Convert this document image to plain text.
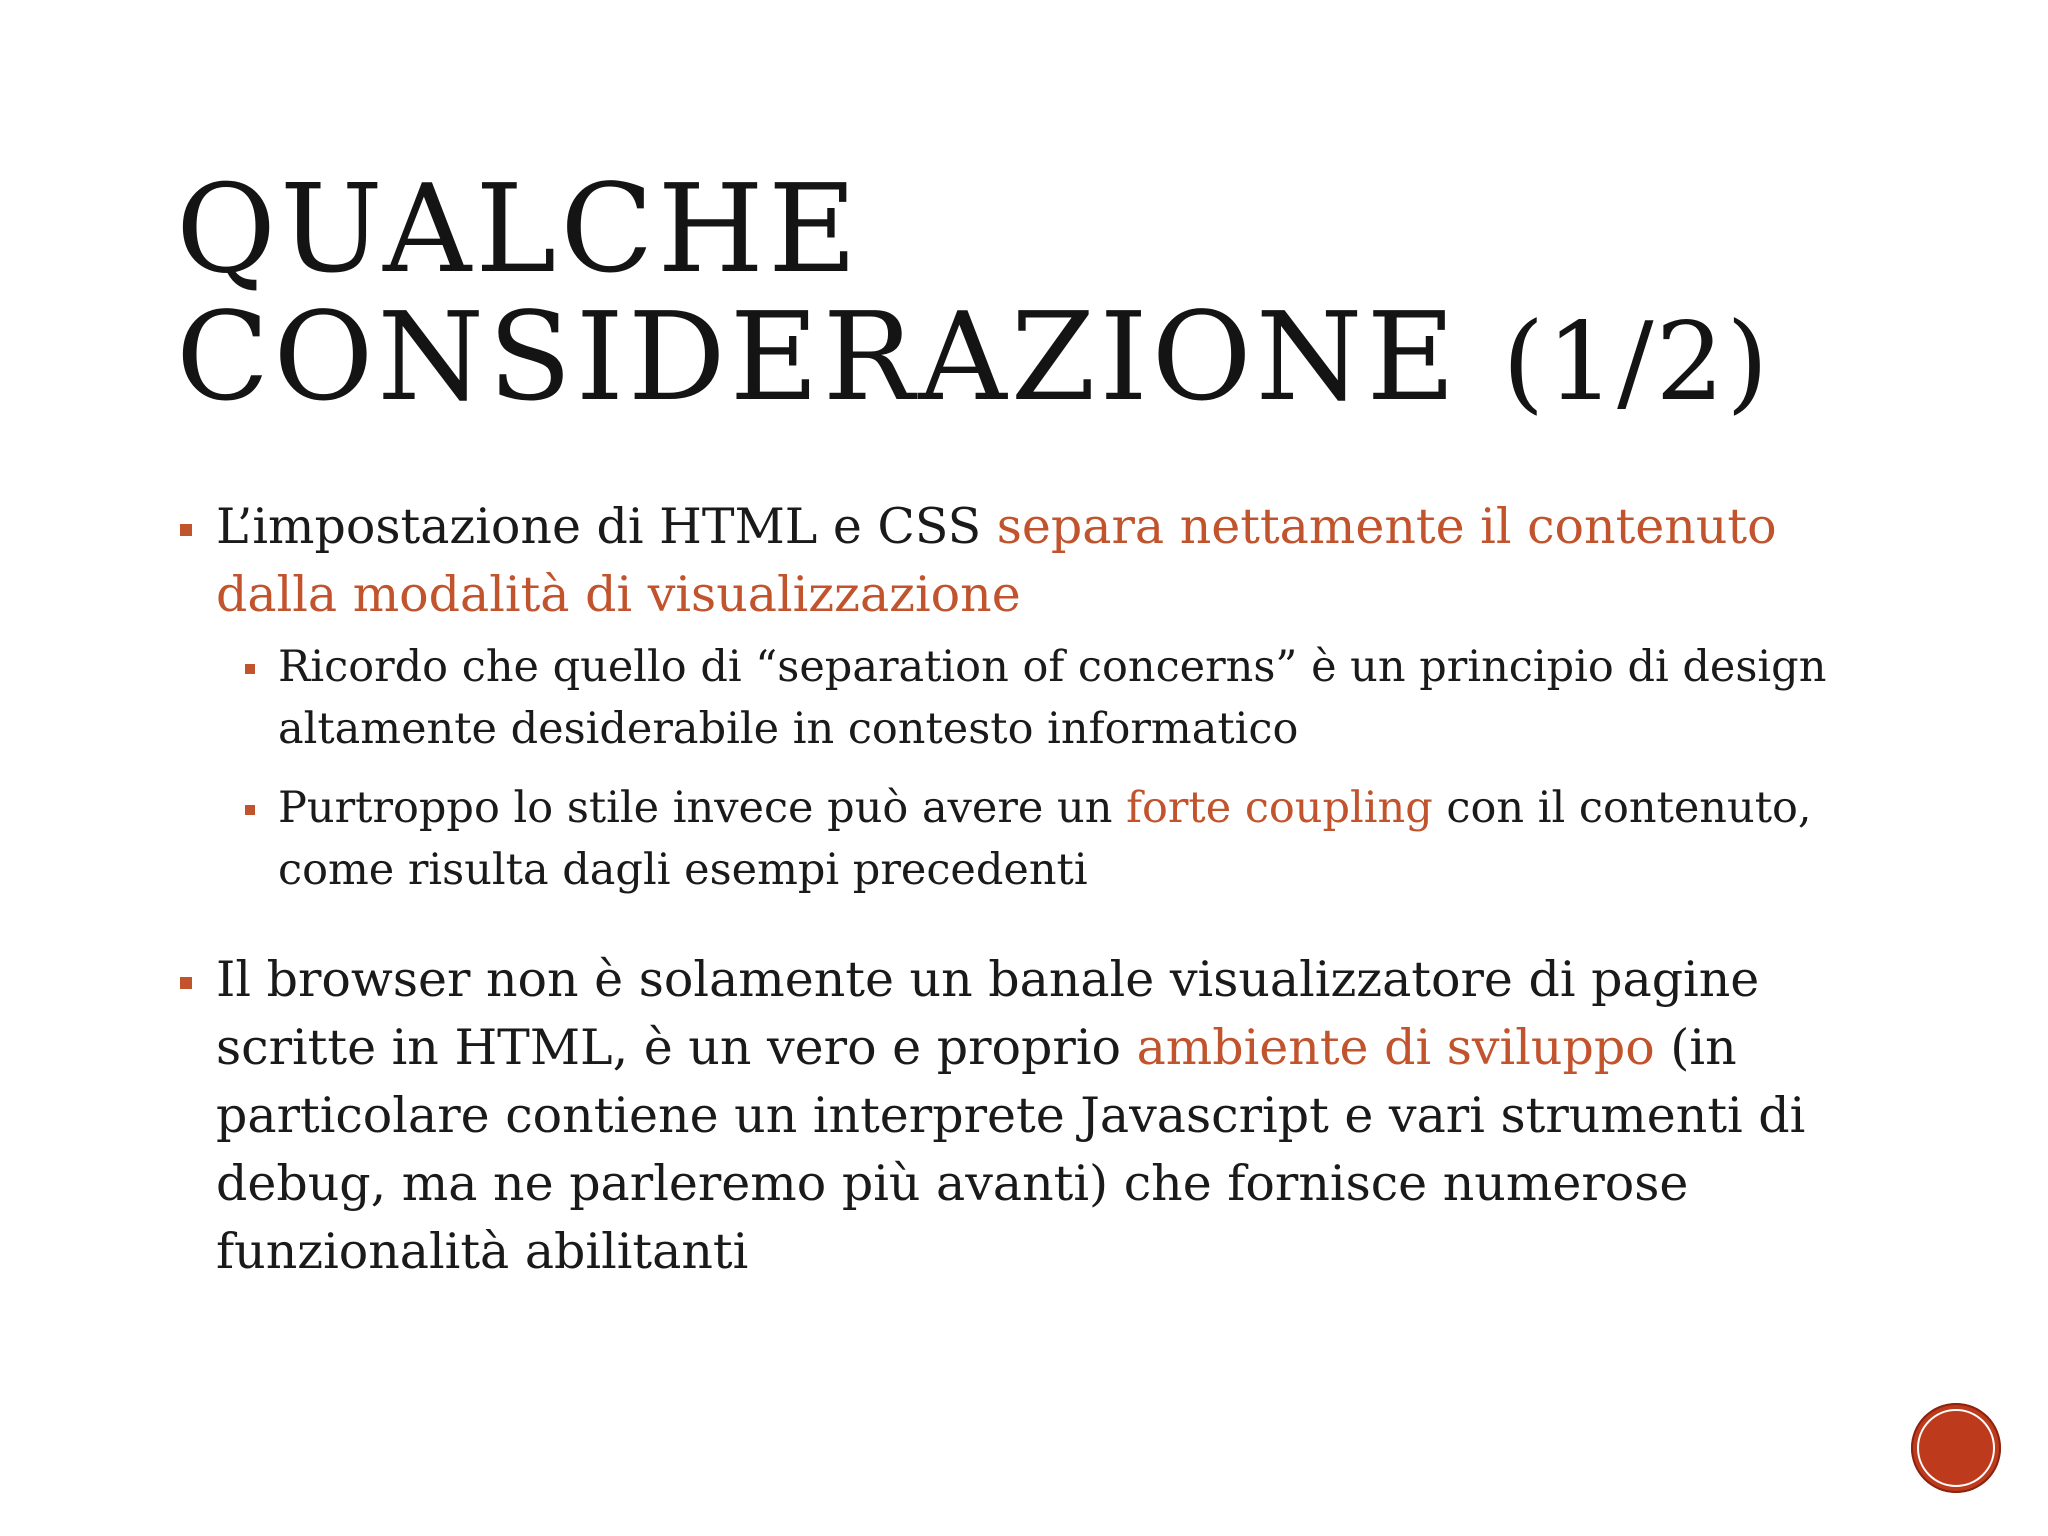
QUALCHE
CONSIDERAZIONE (1/2)
L’impostazione di HTML e CSS separa nettamente il contenuto dalla modalità di visualizzazione
Ricordo che quello di “separation of concerns” è un principio di design altamente desiderabile in contesto informatico
Purtroppo lo stile invece può avere un forte coupling con il contenuto, come risulta dagli esempi precedenti
Il browser non è solamente un banale visualizzatore di pagine scritte in HTML, è un vero e proprio ambiente di sviluppo (in particolare contiene un interprete Javascript e vari strumenti di debug, ma ne parleremo più avanti) che fornisce numerose funzionalità abilitanti
